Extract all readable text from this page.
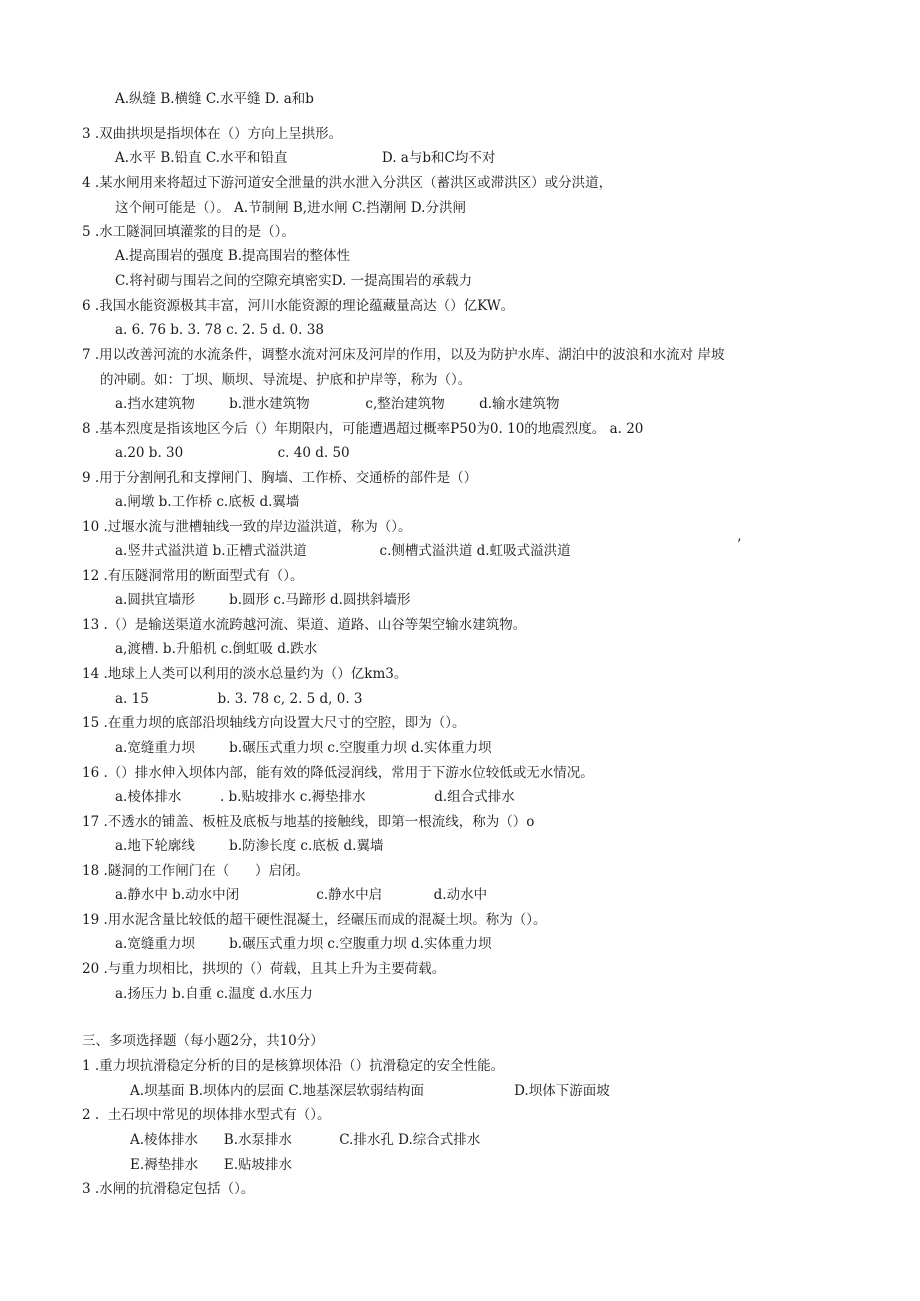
A.纵缝 B.横缝 C.水平缝 D. a和b
3 .双曲拱坝是指坝体在（）方向上呈拱形。
A.水平 B.铅直 C.水平和铅直                      D. a与b和C均不对
4 .某水闸用来将超过下游河道安全泄量的洪水泄入分洪区（蓄洪区或滞洪区）或分洪道，
这个闸可能是（）。 A.节制闸 B,进水闸 C.挡潮闸 D.分洪闸
5 .水工隧洞回填灌浆的目的是（）。
A.提高围岩的强度 B.提高围岩的整体性
C.将衬砌与围岩之间的空隙充填密实D. 一提高围岩的承载力
6 .我国水能资源极其丰富，河川水能资源的理论蕴藏量高达（）亿KW。
a. 6. 76 b. 3. 78 c. 2. 5 d. 0. 38
7 .用以改善河流的水流条件，调整水流对河床及河岸的作用，以及为防护水库、湖泊中的波浪和水流对 岸坡
的冲刷。如：丁坝、顺坝、导流堤、护底和护岸等，称为（）。
a.挡水建筑物        b.泄水建筑物             c,整治建筑物        d.输水建筑物
8 .基本烈度是指该地区今后（）年期限内，可能遭遇超过概率P50为0. 10的地震烈度。 a. 20
a.20 b. 30                      c. 40 d. 50
9 .用于分割闸孔和支撑闸门、胸墙、工作桥、交通桥的部件是（）
a.闸墩 b.工作桥 c.底板 d.翼墙
10 .过堰水流与泄槽轴线一致的岸边溢洪道，称为（）。
a.竖井式溢洪道 b.正槽式溢洪道                 c.侧槽式溢洪道 d.虹吸式溢洪道
12 .有压隧洞常用的断面型式有（）。
a.圆拱宜墙形        b.圆形 c.马蹄形 d.圆拱斜墙形
13 .（）是输送渠道水流跨越河流、渠道、道路、山谷等架空输水建筑物。
a,渡槽. b.升船机 c.倒虹吸 d.跌水
14 .地球上人类可以利用的淡水总量约为（）亿km3。
a. 15                b. 3. 78 c, 2. 5 d, 0. 3
15 .在重力坝的底部沿坝轴线方向设置大尺寸的空腔，即为（）。
a.宽缝重力坝        b.碾压式重力坝 c.空腹重力坝 d.实体重力坝
16 .（）排水伸入坝体内部，能有效的降低浸润线，常用于下游水位较低或无水情况。
a.棱体排水         . b.贴坡排水 c.褥垫排水                d.组合式排水
17 .不透水的铺盖、板桩及底板与地基的接触线，即第一根流线，称为（）o
a.地下轮廓线        b.防渗长度 c.底板 d.翼墙
18 .隧洞的工作闸门在（      ）启闭。
a.静水中 b.动水中闭                  c.静水中启            d.动水中
19 .用水泥含量比较低的超干硬性混凝土，经碾压而成的混凝土坝。称为（）。
a.宽缝重力坝        b.碾压式重力坝 c.空腹重力坝 d.实体重力坝
20 .与重力坝相比，拱坝的（）荷载，且其上升为主要荷载。
a.扬压力 b.自重 c.温度 d.水压力
三、多项选择题（每小题2分，共10分）
1 .重力坝抗滑稳定分析的目的是核算坝体沿（）抗滑稳定的安全性能。
A.坝基面 B.坝体内的层面 C.地基深层软弱结构面                     D.坝体下游面坡
2 .  土石坝中常见的坝体排水型式有（）。
A.棱体排水      B.水泵排水           C.排水孔 D.综合式排水
E.褥垫排水      E.贴坡排水
3 .水闸的抗滑稳定包括（）。
’
